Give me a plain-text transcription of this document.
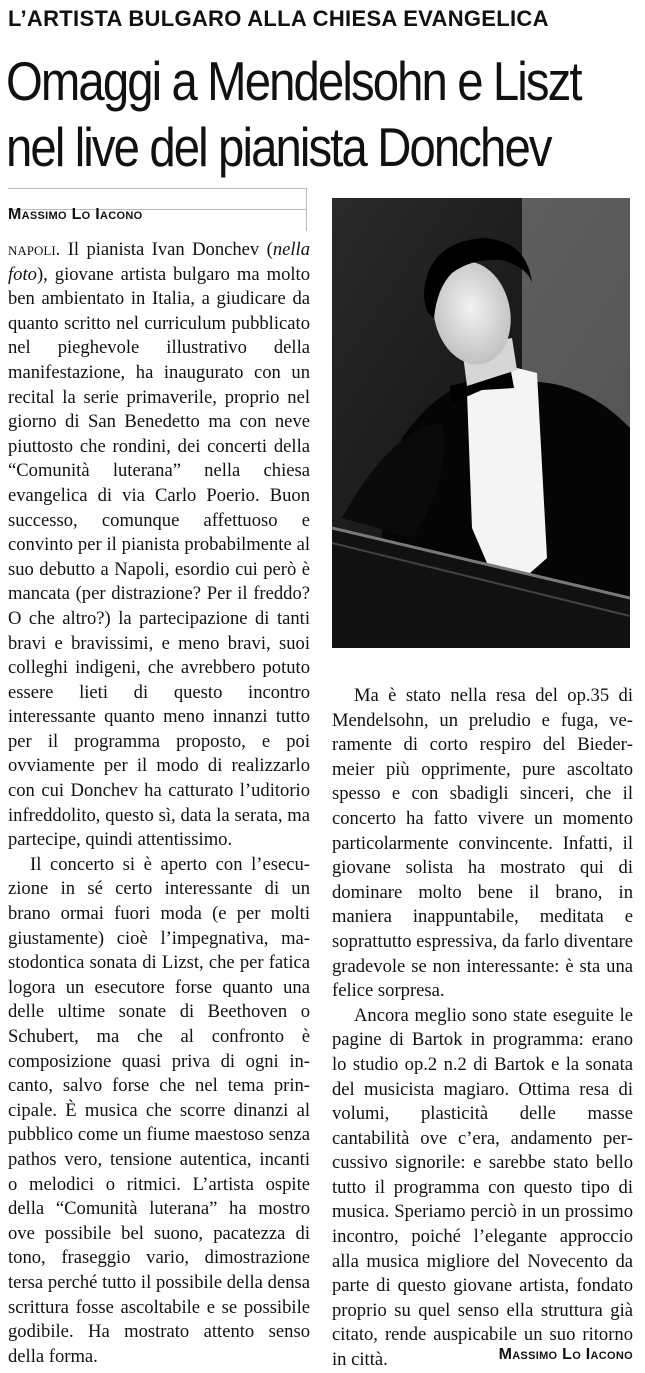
L’ARTISTA BULGARO ALLA CHIESA EVANGELICA
Omaggi a Mendelsohn e Liszt
nel live del pianista Donchev
Massimo Lo Iacono

napoli. Il pianista Ivan Donchev (nella foto), giovane artista bulgaro ma molto ben ambientato in Italia, a giudicare da quanto scritto nel curriculum pubblicato nel pieghevole illustrativo della manifestazione, ha inaugurato con un recital la serie primaverile, proprio nel giorno di San Benedetto ma con neve piuttosto che rondini, dei concerti della “Comunità luterana” nella chiesa evangelica di via Carlo Poerio. Buon successo, comunque affettuoso e convinto per il pianista probabilmente al suo debutto a Napoli, esordio cui però è mancata (per distrazione? Per il freddo? O che altro?) la partecipazione di tanti bravi e bravissimi, e meno bravi, suoi colleghi indigeni, che avrebbero potuto essere lieti di questo incontro interessante quanto meno innanzi tutto per il programma proposto, e poi ovviamente per il modo di realizzarlo con cui Donchev ha catturato l’uditorio infreddolito, questo sì, data la serata, ma partecipe, quindi attentissimo.

Il concerto si è aperto con l’esecuzione in sé certo interessante di un brano ormai fuori moda (e per molti giustamente) cioè l’impegnativa, mastodontica sonata di Lizst, che per fatica logora un esecutore forse quanto una delle ultime sonate di Beethoven o Schubert, ma che al confronto è composizione quasi priva di ogni incanto, salvo forse che nel tema principale. È musica che scorre dinanzi al pubblico come un fiume maestoso senza pathos vero, tensione autentica, incanti o melodici o ritmici. L’artista ospite della “Comunità luterana” ha mostro ove possibile bel suono, pacatezza di tono, fraseggio vario, dimostrazione tersa perché tutto il possibile della densa scrittura fosse ascoltabile e se possibile godibile. Ha mostrato attento senso della forma.

Ma è stato nella resa del op.35 di Mendelsohn, un preludio e fuga, veramente di corto respiro del Biedermeier più opprimente, pure ascoltato spesso e con sbadigli sinceri, che il concerto ha fatto vivere un momento particolarmente convincente. Infatti, il giovane solista ha mostrato qui di dominare molto bene il brano, in maniera inappuntabile, meditata e soprattutto espressiva, da farlo diventare gradevole se non interessante: è sta una felice sorpresa.

Ancora meglio sono state eseguite le pagine di Bartok in programma: erano lo studio op.2 n.2 di Bartok e la sonata del musicista magiaro. Ottima resa di volumi, plasticità delle masse cantabilità ove c’era, andamento percussivo signorile: e sarebbe stato bello tutto il programma con questo tipo di musica. Speriamo perciò in un prossimo incontro, poiché l’elegante approccio alla musica migliore del Novecento da parte di questo giovane artista, fondato proprio su quel senso ella struttura già citato, rende auspicabile un suo ritorno in città.	Massimo Lo Iacono
